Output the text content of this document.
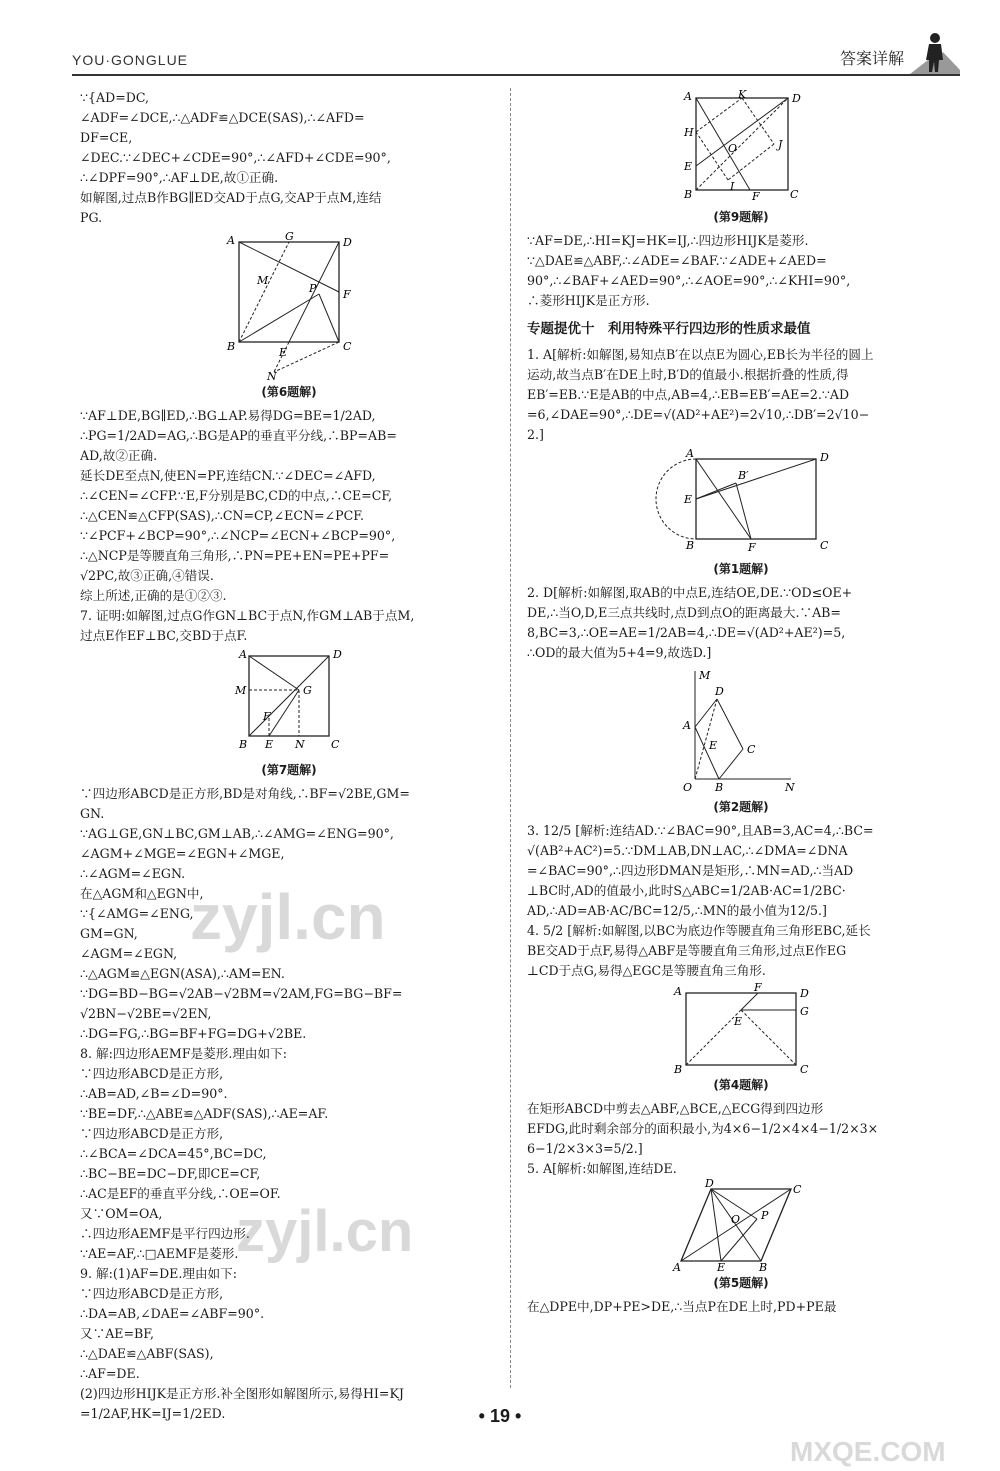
YOU·GONGLUE	答案详解
∵{AD=DC,
∠ADF=∠DCE,∴△ADF≌△DCE(SAS),∴∠AFD=
DF=CE,
∠DEC.∵∠DEC+∠CDE=90°,∴∠AFD+∠CDE=90°,
∴∠DPF=90°,∴AF⊥DE,故①正确.
如解图,过点B作BG∥ED交AD于点G,交AP于点M,连结
PG.
A	D
B	C
G
F
P
M
E
N
(第6题解)
∵AF⊥DE,BG∥ED,∴BG⊥AP.易得DG=BE=1/2AD,
∴PG=1/2AD=AG,∴BG是AP的垂直平分线,∴BP=AB=
AD,故②正确.
延长DE至点N,使EN=PF,连结CN.∵∠DEC=∠AFD,
∴∠CEN=∠CFP.∵E,F分别是BC,CD的中点,∴CE=CF,
∴△CEN≌△CFP(SAS),∴CN=CP,∠ECN=∠PCF.
∵∠PCF+∠BCP=90°,∴∠NCP=∠ECN+∠BCP=90°,
∴△NCP是等腰直角三角形,∴PN=PE+EN=PE+PF=
√2PC,故③正确,④错误.
综上所述,正确的是①②③.
7. 证明:如解图,过点G作GN⊥BC于点N,作GM⊥AB于点M,
过点E作EF⊥BC,交BD于点F.
A	D
B	C
M	G
F
E N
(第7题解)
∵四边形ABCD是正方形,BD是对角线,∴BF=√2BE,GM=
GN.
∵AG⊥GE,GN⊥BC,GM⊥AB,∴∠AMG=∠ENG=90°,
∠AGM+∠MGE=∠EGN+∠MGE,
∴∠AGM=∠EGN.
在△AGM和△EGN中,
∵{∠AMG=∠ENG,
GM=GN,
∠AGM=∠EGN,
∴△AGM≌△EGN(ASA),∴AM=EN.
∵DG=BD−BG=√2AB−√2BM=√2AM,FG=BG−BF=
√2BN−√2BE=√2EN,
∴DG=FG,∴BG=BF+FG=DG+√2BE.
8. 解:四边形AEMF是菱形.理由如下:
∵四边形ABCD是正方形,
∴AB=AD,∠B=∠D=90°.
∵BE=DF,∴△ABE≌△ADF(SAS),∴AE=AF.
∵四边形ABCD是正方形,
∴∠BCA=∠DCA=45°,BC=DC,
∴BC−BE=DC−DF,即CE=CF,
∴AC是EF的垂直平分线,∴OE=OF.
又∵OM=OA,
∴四边形AEMF是平行四边形.
∵AE=AF,∴□AEMF是菱形.
9. 解:(1)AF=DE.理由如下:
∵四边形ABCD是正方形,
∴DA=AB,∠DAE=∠ABF=90°.
又∵AE=BF,
∴△DAE≌△ABF(SAS),
∴AF=DE.
(2)四边形HIJK是正方形.补全图形如解图所示,易得HI=KJ
=1/2AF,HK=IJ=1/2ED.
A	D
B	C
K
H
E
O	J
I
F
(第9题解)
∵AF=DE,∴HI=KJ=HK=IJ,∴四边形HIJK是菱形.
∵△DAE≌△ABF,∴∠ADE=∠BAF.∵∠ADE+∠AED=
90°,∴∠BAF+∠AED=90°,∴∠AOE=90°,∴∠KHI=90°,
∴菱形HIJK是正方形.
专题提优十　利用特殊平行四边形的性质求最值
1. A[解析:如解图,易知点B′在以点E为圆心,EB长为半径的圆上
运动,故当点B′在DE上时,B′D的值最小.根据折叠的性质,得
EB′=EB.∵E是AB的中点,AB=4,∴EB=EB′=AE=2.∵AD
=6,∠DAE=90°,∴DE=√(AD²+AE²)=2√10,∴DB′=2√10−
2.]
A	D
B	C
E
B′
F
(第1题解)
2. D[解析:如解图,取AB的中点E,连结OE,DE.∵OD≤OE+
DE,∴当O,D,E三点共线时,点D到点O的距离最大.∵AB=
8,BC=3,∴OE=AE=1/2AB=4,∴DE=√(AD²+AE²)=5,
∴OD的最大值为5+4=9,故选D.]
M
A
D
E	C
O B	N
(第2题解)
3. 12/5 [解析:连结AD.∵∠BAC=90°,且AB=3,AC=4,∴BC=
√(AB²+AC²)=5.∵DM⊥AB,DN⊥AC,∴∠DMA=∠DNA
=∠BAC=90°,∴四边形DMAN是矩形,∴MN=AD,∴当AD
⊥BC时,AD的值最小,此时S△ABC=1/2AB·AC=1/2BC·
AD,∴AD=AB·AC/BC=12/5,∴MN的最小值为12/5.]
4. 5/2 [解析:如解图,以BC为底边作等腰直角三角形EBC,延长
BE交AD于点F,易得△ABF是等腰直角三角形,过点E作EG
⊥CD于点G,易得△EGC是等腰直角三角形.
A	D
B	C
F
E
G
(第4题解)
在矩形ABCD中剪去△ABF,△BCE,△ECG得到四边形
EFDG,此时剩余部分的面积最小,为4×6−1/2×4×4−1/2×3×
6−1/2×3×3=5/2.]
5. A[解析:如解图,连结DE.
D	C
A	B
E
O P
(第5题解)
在△DPE中,DP+PE>DE,∴当点P在DE上时,PD+PE最
zyjl.cn
zyjl.cn
MXQE.COM
• 19 •
